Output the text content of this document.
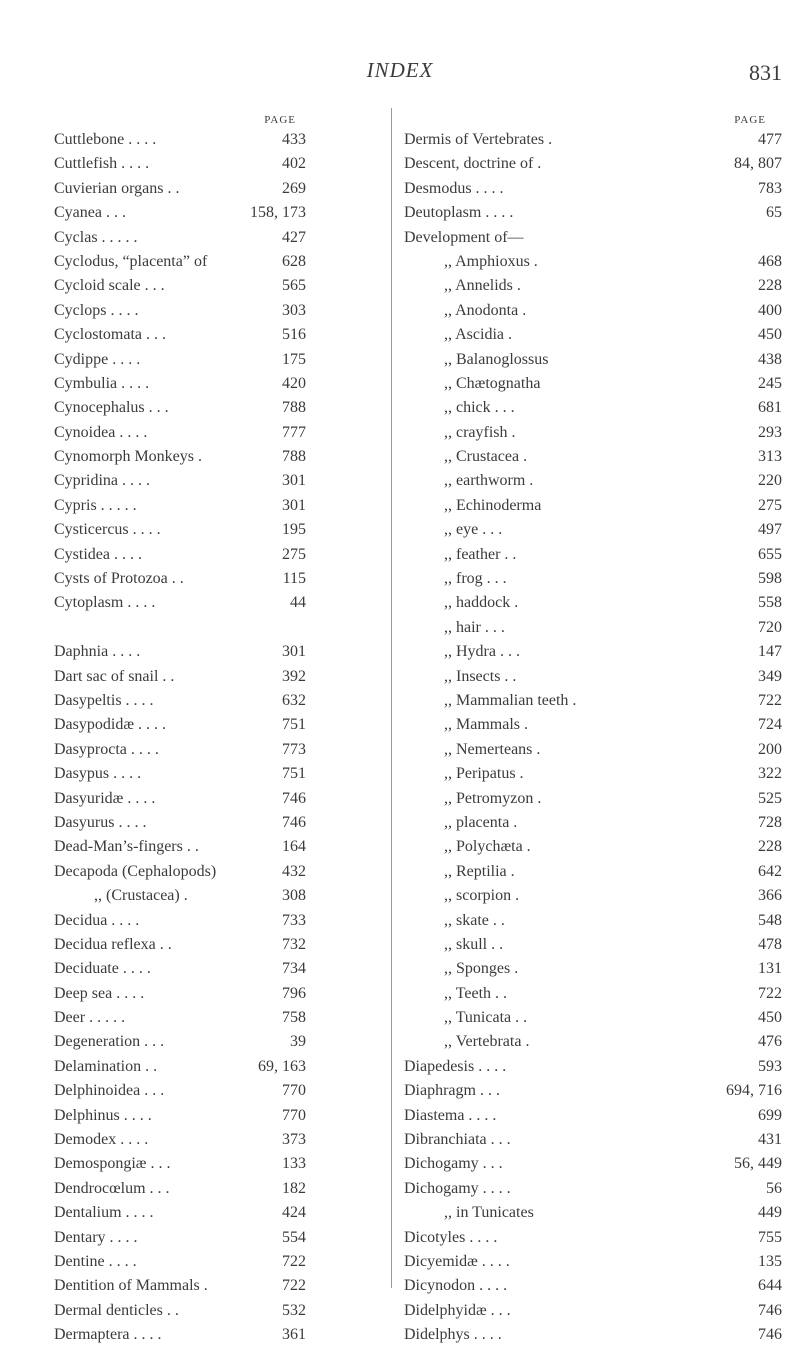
INDEX	831
PAGE
Cuttlebone . . . .	433
Cuttlefish . . . .	402
Cuvierian organs . .	269
Cyanea . . .	158, 173
Cyclas . . . . .	427
Cyclodus, “placenta” of	628
Cycloid scale . . .	565
Cyclops . . . .	303
Cyclostomata . . .	516
Cydippe . . . .	175
Cymbulia . . . .	420
Cynocephalus . . .	788
Cynoidea . . . .	777
Cynomorph Monkeys .	788
Cypridina . . . .	301
Cypris . . . . .	301
Cysticercus . . . .	195
Cystidea . . . .	275
Cysts of Protozoa . .	115
Cytoplasm . . . .	44
Daphnia . . . .	301
Dart sac of snail . .	392
Dasypeltis . . . .	632
Dasypodidæ . . . .	751
Dasyprocta . . . .	773
Dasypus . . . .	751
Dasyuridæ . . . .	746
Dasyurus . . . .	746
Dead-Man’s-fingers . .	164
Decapoda (Cephalopods)	432
,, (Crustacea) .	308
Decidua . . . .	733
Decidua reflexa . .	732
Deciduate . . . .	734
Deep sea . . . .	796
Deer . . . . .	758
Degeneration . . .	39
Delamination . .	69, 163
Delphinoidea . . .	770
Delphinus . . . .	770
Demodex . . . .	373
Demospongiæ . . .	133
Dendrocœlum . . .	182
Dentalium . . . .	424
Dentary . . . .	554
Dentine . . . .	722
Dentition of Mammals .	722
Dermal denticles . .	532
Dermaptera . . . .	361
PAGE
Dermis of Vertebrates .	477
Descent, doctrine of .	84, 807
Desmodus . . . .	783
Deutoplasm . . . .	65
Development of—
,, Amphioxus .	468
,, Annelids .	228
,, Anodonta .	400
,, Ascidia .	450
,, Balanoglossus	438
,, Chætognatha	245
,, chick . . .	681
,, crayfish .	293
,, Crustacea .	313
,, earthworm .	220
,, Echinoderma	275
,, eye . . .	497
,, feather . .	655
,, frog . . .	598
,, haddock .	558
,, hair . . .	720
,, Hydra . . .	147
,, Insects . .	349
,, Mammalian teeth .	722
,, Mammals .	724
,, Nemerteans .	200
,, Peripatus .	322
,, Petromyzon .	525
,, placenta .	728
,, Polychæta .	228
,, Reptilia .	642
,, scorpion .	366
,, skate . .	548
,, skull . .	478
,, Sponges .	131
,, Teeth . .	722
,, Tunicata . .	450
,, Vertebrata .	476
Diapedesis . . . .	593
Diaphragm . . .	694, 716
Diastema . . . .	699
Dibranchiata . . .	431
Dichogamy . . .	56, 449
Dichogamy . . . .	56
,, in Tunicates	449
Dicotyles . . . .	755
Dicyemidæ . . . .	135
Dicynodon . . . .	644
Didelphyidæ . . .	746
Didelphys . . . .	746
